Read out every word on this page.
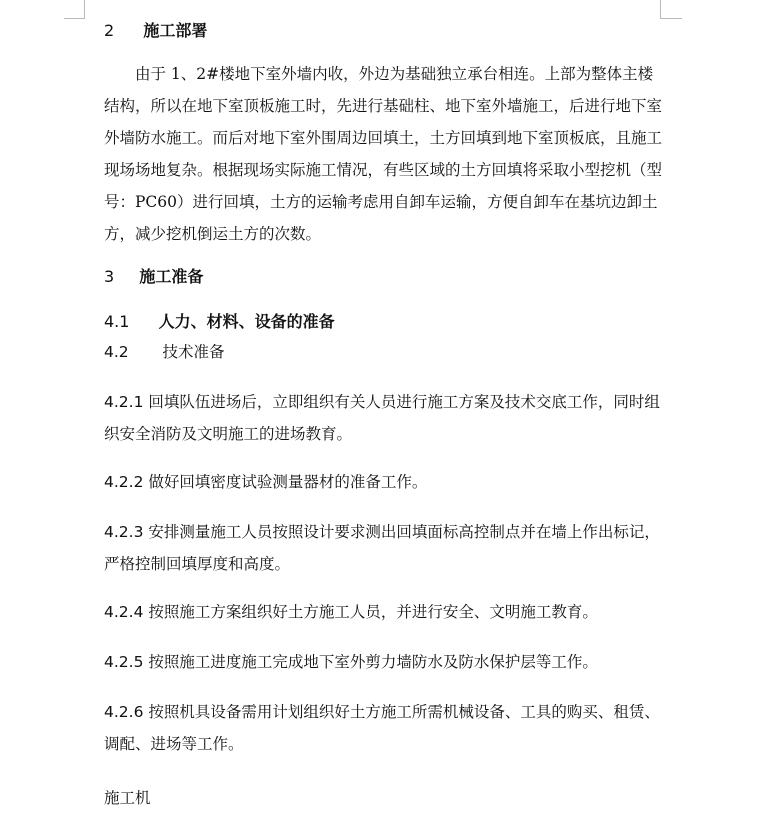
2 施工部署

由于 1、2#楼地下室外墙内收，外边为基础独立承台相连。上部为整体主楼结构，所以在地下室顶板施工时，先进行基础柱、地下室外墙施工，后进行地下室外墙防水施工。而后对地下室外围周边回填土，土方回填到地下室顶板底，且施工现场场地复杂。根据现场实际施工情况，有些区域的土方回填将采取小型挖机（型号：PC60）进行回填，土方的运输考虑用自卸车运输，方便自卸车在基坑边卸土方，减少挖机倒运土方的次数。

3 施工准备
4.1 人力、材料、设备的准备
4.2 技术准备

4.2.1 回填队伍进场后，立即组织有关人员进行施工方案及技术交底工作，同时组织安全消防及文明施工的进场教育。

4.2.2 做好回填密度试验测量器材的准备工作。

4.2.3 安排测量施工人员按照设计要求测出回填面标高控制点并在墙上作出标记，严格控制回填厚度和高度。

4.2.4 按照施工方案组织好土方施工人员，并进行安全、文明施工教育。

4.2.5 按照施工进度施工完成地下室外剪力墙防水及防水保护层等工作。

4.2.6 按照机具设备需用计划组织好土方施工所需机械设备、工具的购买、租赁、调配、进场等工作。

施工机
